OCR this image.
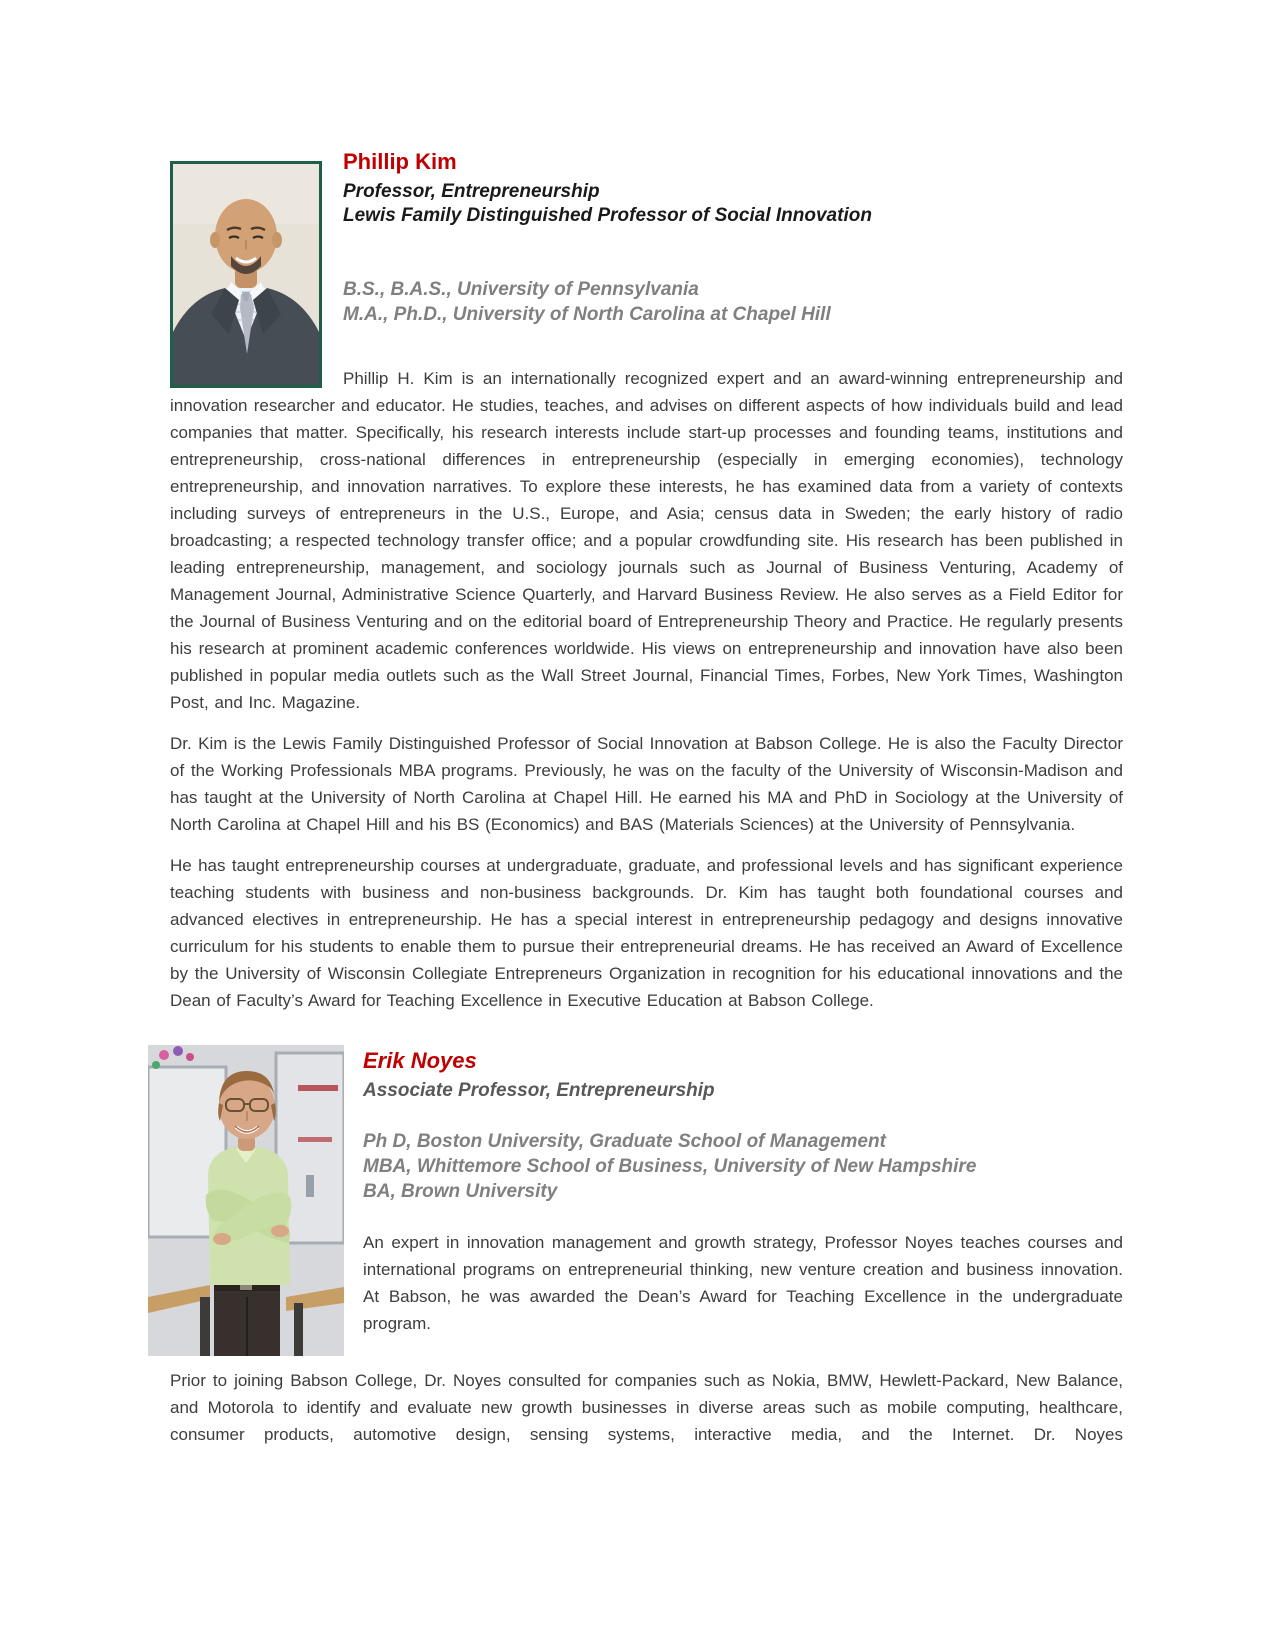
Phillip Kim
Professor, Entrepreneurship
Lewis Family Distinguished Professor of Social Innovation
B.S., B.A.S., University of Pennsylvania
M.A., Ph.D., University of North Carolina at Chapel Hill

Phillip H. Kim is an internationally recognized expert and an award-winning entrepreneurship and innovation researcher and educator. He studies, teaches, and advises on different aspects of how individuals build and lead companies that matter. Specifically, his research interests include start-up processes and founding teams, institutions and entrepreneurship, cross-national differences in entrepreneurship (especially in emerging economies), technology entrepreneurship, and innovation narratives. To explore these interests, he has examined data from a variety of contexts including surveys of entrepreneurs in the U.S., Europe, and Asia; census data in Sweden; the early history of radio broadcasting; a respected technology transfer office; and a popular crowdfunding site. His research has been published in leading entrepreneurship, management, and sociology journals such as Journal of Business Venturing, Academy of Management Journal, Administrative Science Quarterly, and Harvard Business Review. He also serves as a Field Editor for the Journal of Business Venturing and on the editorial board of Entrepreneurship Theory and Practice. He regularly presents his research at prominent academic conferences worldwide. His views on entrepreneurship and innovation have also been published in popular media outlets such as the Wall Street Journal, Financial Times, Forbes, New York Times, Washington Post, and Inc. Magazine.

Dr. Kim is the Lewis Family Distinguished Professor of Social Innovation at Babson College. He is also the Faculty Director of the Working Professionals MBA programs. Previously, he was on the faculty of the University of Wisconsin-Madison and has taught at the University of North Carolina at Chapel Hill. He earned his MA and PhD in Sociology at the University of North Carolina at Chapel Hill and his BS (Economics) and BAS (Materials Sciences) at the University of Pennsylvania.

He has taught entrepreneurship courses at undergraduate, graduate, and professional levels and has significant experience teaching students with business and non-business backgrounds. Dr. Kim has taught both foundational courses and advanced electives in entrepreneurship. He has a special interest in entrepreneurship pedagogy and designs innovative curriculum for his students to enable them to pursue their entrepreneurial dreams. He has received an Award of Excellence by the University of Wisconsin Collegiate Entrepreneurs Organization in recognition for his educational innovations and the Dean of Faculty’s Award for Teaching Excellence in Executive Education at Babson College.

Erik Noyes
Associate Professor, Entrepreneurship
Ph D, Boston University, Graduate School of Management
MBA, Whittemore School of Business, University of New Hampshire
BA, Brown University

An expert in innovation management and growth strategy, Professor Noyes teaches courses and international programs on entrepreneurial thinking, new venture creation and business innovation. At Babson, he was awarded the Dean’s Award for Teaching Excellence in the undergraduate program.

Prior to joining Babson College, Dr. Noyes consulted for companies such as Nokia, BMW, Hewlett-Packard, New Balance, and Motorola to identify and evaluate new growth businesses in diverse areas such as mobile computing, healthcare, consumer products, automotive design, sensing systems, interactive media, and the Internet. Dr. Noyes
